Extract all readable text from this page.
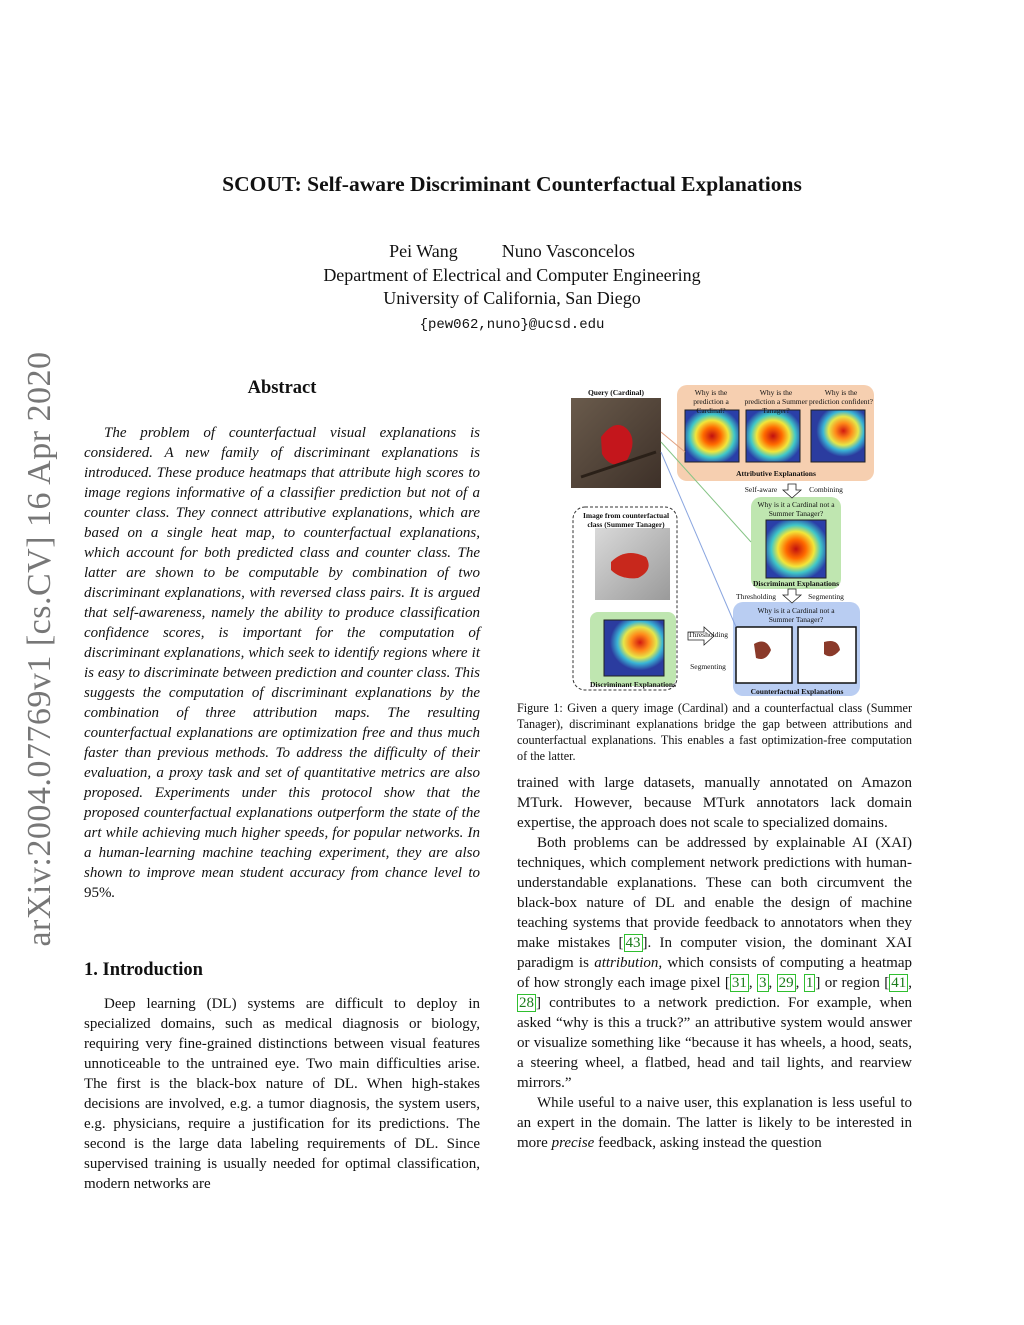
arXiv:2004.07769v1 [cs.CV] 16 Apr 2020
SCOUT: Self-aware Discriminant Counterfactual Explanations
Pei Wang Nuno Vasconcelos
Department of Electrical and Computer Engineering
University of California, San Diego
{pew062,nuno}@ucsd.edu
Abstract

The problem of counterfactual visual explanations is considered. A new family of discriminant explanations is introduced. These produce heatmaps that attribute high scores to image regions informative of a classifier prediction but not of a counter class. They connect attributive explanations, which are based on a single heat map, to counterfactual explanations, which account for both predicted class and counter class. The latter are shown to be computable by combination of two discriminant explanations, with reversed class pairs. It is argued that self-awareness, namely the ability to produce classification confidence scores, is important for the computation of discriminant explanations, which seek to identify regions where it is easy to discriminate between prediction and counter class. This suggests the computation of discriminant explanations by the combination of three attribution maps. The resulting counterfactual explanations are optimization free and thus much faster than previous methods. To address the difficulty of their evaluation, a proxy task and set of quantitative metrics are also proposed. Experiments under this protocol show that the proposed counterfactual explanations outperform the state of the art while achieving much higher speeds, for popular networks. In a human-learning machine teaching experiment, they are also shown to improve mean student accuracy from chance level to 95%.

1. Introduction

Deep learning (DL) systems are difficult to deploy in specialized domains, such as medical diagnosis or biology, requiring very fine-grained distinctions between visual features unnoticeable to the untrained eye. Two main difficulties arise. The first is the black-box nature of DL. When high-stakes decisions are involved, e.g. a tumor diagnosis, the system users, e.g. physicians, require a justification for its predictions. The second is the large data labeling requirements of DL. Since supervised training is usually needed for optimal classification, modern networks are

Query (Cardinal)	Why is the prediction a Cardinal?
Why is the prediction a Summer Tanager?
Why is the prediction confident?
Attributive Explanations
Self-aware	Combining
Why is it a Cardinal not a Summer Tanager?
Discriminant Explanations
Thresholding	Segmenting
Why is it a Cardinal not a Summer Tanager?
Counterfactual Explanations
Image from counterfactual class (Summer Tanager)
Discriminant Explanations
Thresholding
Segmenting
Figure 1: Given a query image (Cardinal) and a counterfactual class (Summer Tanager), discriminant explanations bridge the gap between attributions and counterfactual explanations. This enables a fast optimization-free computation of the latter.

trained with large datasets, manually annotated on Amazon MTurk. However, because MTurk annotators lack domain expertise, the approach does not scale to specialized domains.

Both problems can be addressed by explainable AI (XAI) techniques, which complement network predictions with human-understandable explanations. These can both circumvent the black-box nature of DL and enable the design of machine teaching systems that provide feedback to annotators when they make mistakes [ 43 ]. In computer vision, the dominant XAI paradigm is attribution, which consists of computing a heatmap of how strongly each image pixel [ 31 , 3 , 29 , 1 ] or region [ 41 , 28 ] contributes to a network prediction. For example, when asked “why is this a truck?” an attributive system would answer or visualize something like “because it has wheels, a hood, seats, a steering wheel, a flatbed, head and tail lights, and rearview mirrors.”

While useful to a naive user, this explanation is less useful to an expert in the domain. The latter is likely to be interested in more precise feedback, asking instead the question
